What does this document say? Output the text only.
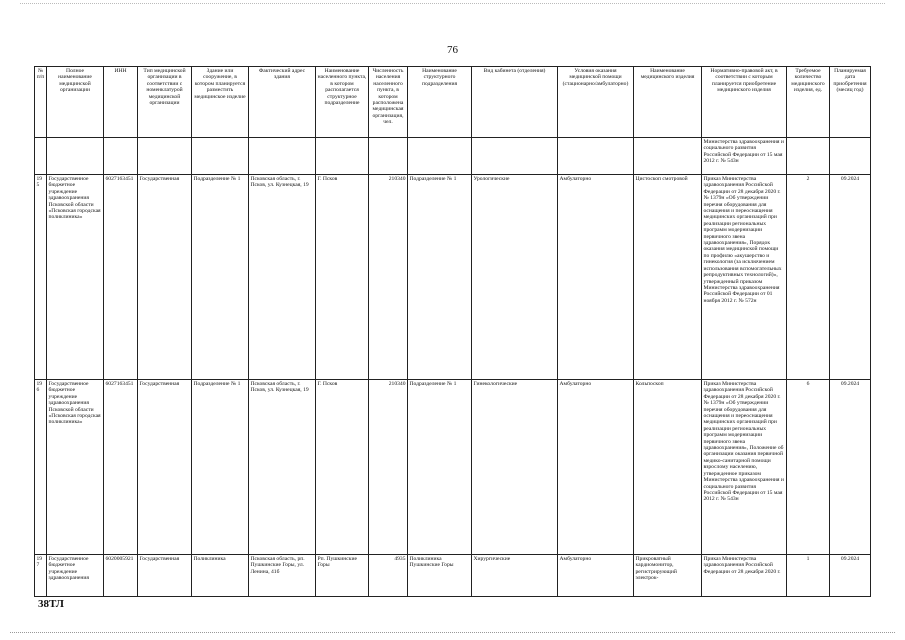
76
№ п/п	Полное наименование медицинской организации	ИНН	Тип медицинской организации в соответствии с номенклатурой медицинской организации	Здание или сооружение, в котором планируется разместить медицинское изделие	Фактический адрес здания	Наименование населенного пункта, в котором располагается структурное подразделение	Численность населения населенного пункта, в котором расположена медицинская организация, чел.	Наименование структурного подразделения	Вид кабинета (отделения)	Условия оказания медицинской помощи (стационарно/амбулаторно)	Наименование медицинского изделия	Нормативно-правовой акт, в соответствии с которым планируется приобретение медицинского изделия	Требуемое количество медицинского изделия, ед.	Планируемая дата приобретения (месяц год)
												Министерства здравоохранения и социального развития Российской Федерации от 15 мая 2012 г. № 543н		
195	Государственное бюджетное учреждение здравоохранения Псковской области «Псковская городская поликлиника»	6027163451	Государственная	Подразделение № 1	Псковская область, г. Псков, ул. Кузнецкая, 19	Г. Псков	210340	Подразделение № 1	Урологические	Амбулаторно	Цистоскоп смотровой	Приказ Министерства здравоохранения Российской Федерации от 28 декабря 2020 г. № 1379н «Об утверждении перечня оборудования для оснащения и переоснащения медицинских организаций при реализации региональных программ модернизации первичного звена здравоохранения», Порядок оказания медицинской помощи по профилю «акушерство и гинекология (за исключением использования вспомогательных репродуктивных технологий)», утвержденный приказом Министерства здравоохранения Российской Федерации от 01 ноября 2012 г. № 572н	2	09.2024
196	Государственное бюджетное учреждение здравоохранения Псковской области «Псковская городская поликлиника»	6027163451	Государственная	Подразделение № 1	Псковская область, г. Псков, ул. Кузнецкая, 19	Г. Псков	210340	Подразделение № 1	Гинекологические	Амбулаторно	Кольпоскоп	Приказ Министерства здравоохранения Российской Федерации от 28 декабря 2020 г. № 1379н «Об утверждении перечня оборудования для оснащения и переоснащения медицинских организаций при реализации региональных программ модернизации первичного звена здравоохранения», Положение об организации оказания первичной медико-санитарной помощи взрослому населению, утвержденное приказом Министерства здравоохранения и социального развития Российской Федерации от 15 мая 2012 г. № 543н	6	09.2024
197	Государственное бюджетное учреждение здравоохранения	6020005921	Государственная	Поликлиника	Псковская область, рп. Пушкинские Горы, ул. Ленина, 41б	Рп. Пушкинские Горы	4935	Поликлиника Пушкинские Горы	Хирургические	Амбулаторно	Прикроватный кардиомонитор, регистрирующий электрок-	Приказ Министерства здравоохранения Российской Федерации от 28 декабря 2020 г.	1	09.2024
38ТЛ
